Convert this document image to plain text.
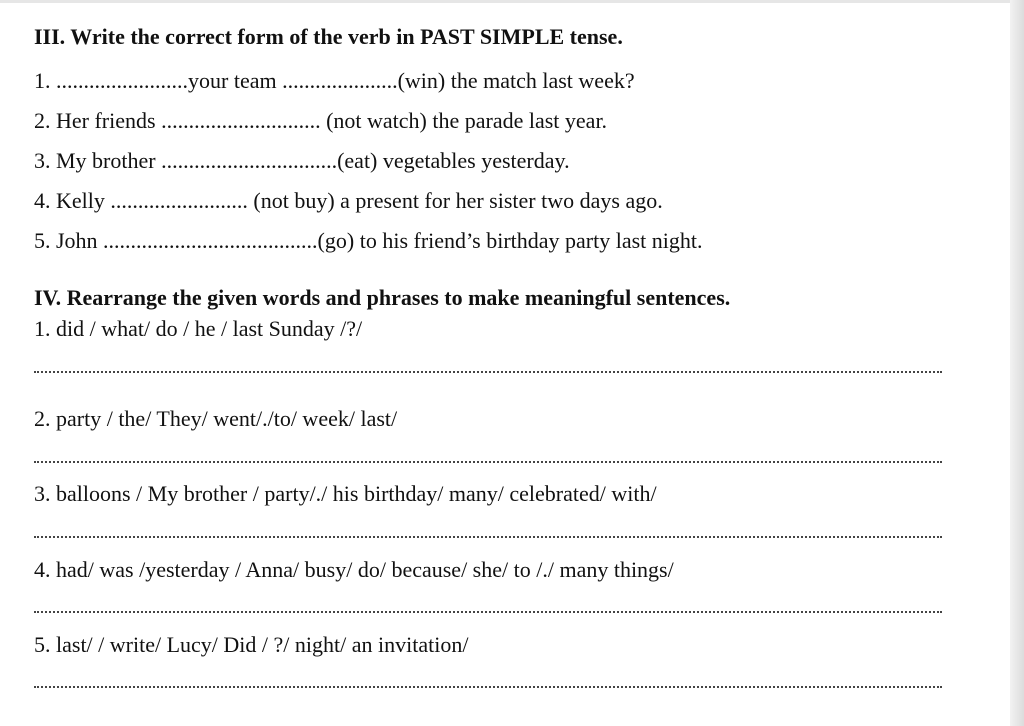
III. Write the correct form of the verb in PAST SIMPLE tense.
1. ........................your team .....................(win) the match last week?
2. Her friends ............................. (not watch) the parade last year.
3. My brother ................................(eat) vegetables yesterday.
4. Kelly ......................... (not buy) a present for her sister two days ago.
5. John .......................................(go) to his friend’s birthday party last night.
IV. Rearrange the given words and phrases to make meaningful sentences.
1. did / what/ do / he / last Sunday /?/
2. party / the/ They/ went/./to/ week/ last/
3. balloons / My brother / party/./ his birthday/ many/ celebrated/ with/
4. had/ was /yesterday / Anna/ busy/ do/ because/ she/ to /./ many things/
5. last/ / write/ Lucy/ Did / ?/ night/ an invitation/
